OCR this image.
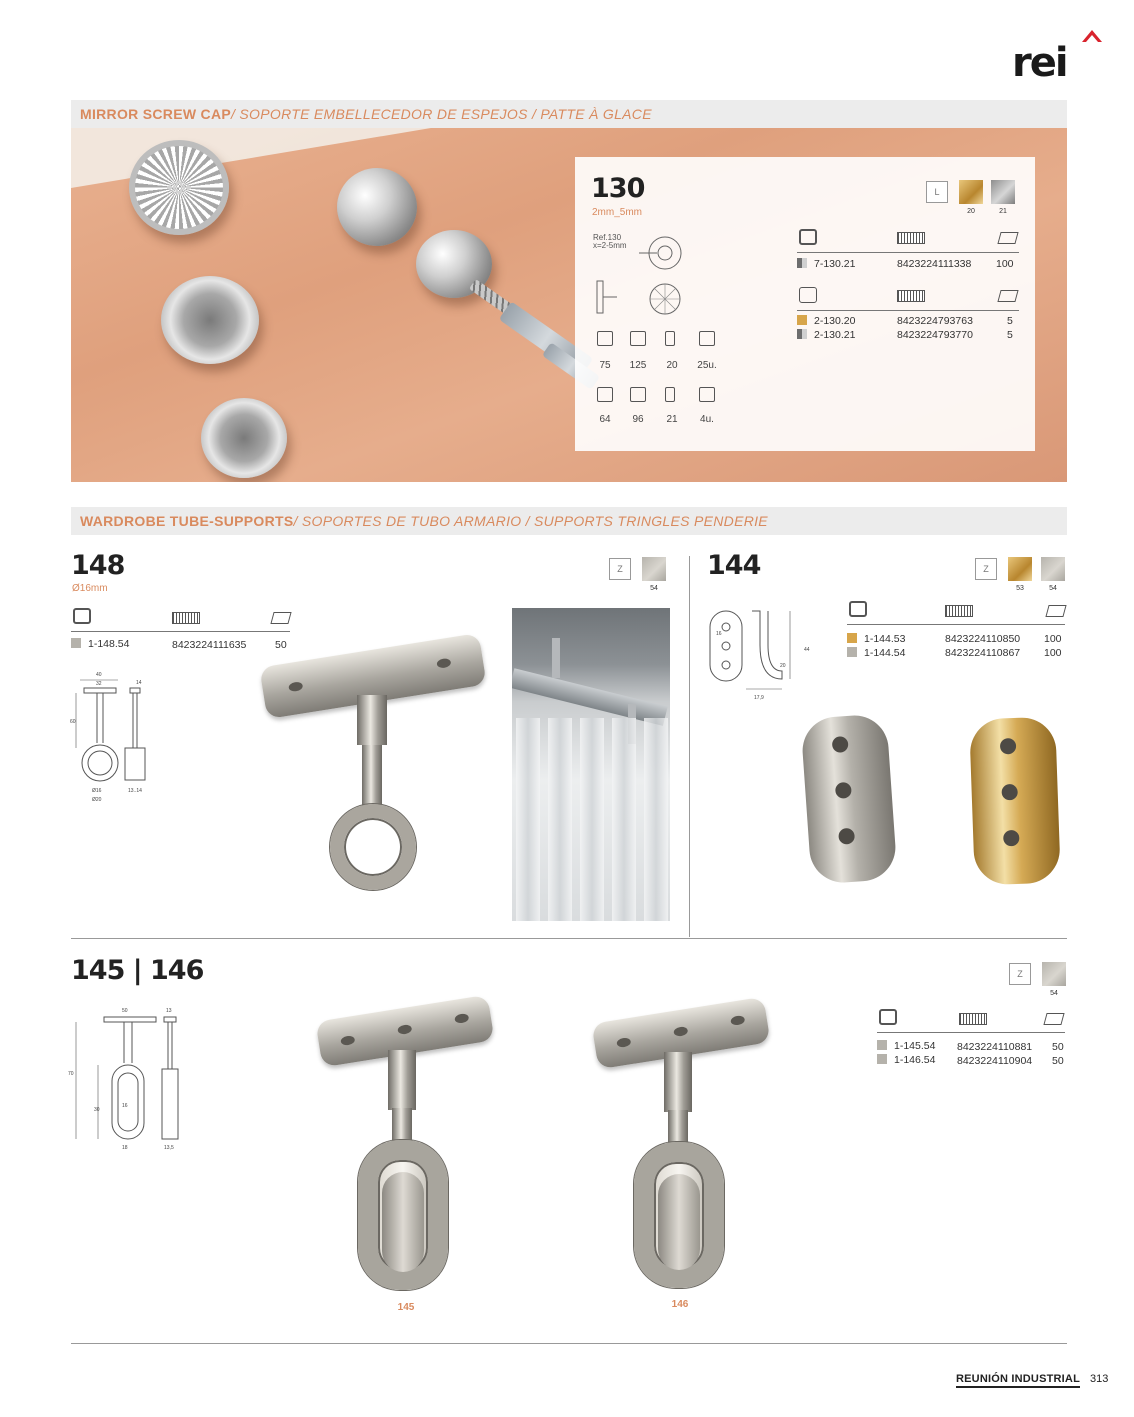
rei
MIRROR SCREW CAP / SOPORTE EMBELLECEDOR DE ESPEJOS / PATTE À GLACE
130
2mm_5mm
Ref.130
x=2-5mm
75	125	20	25u.
64	96	21	4u.
L
20	21
7-130.21	8423224111338 100
2-130.20	8423224793763	5
2-130.21	8423224793770	5
WARDROBE TUBE-SUPPORTS / SOPORTES DE TUBO ARMARIO / SUPPORTS TRINGLES PENDERIE
148
Ø16mm
Z
54
1-148.54	8423224111635	50
40
32	14
60
Ø16
Ø20
13..14
144	Z
53	54
16
44
20
17,9
1-144.53	8423224110850 100
1-144.54	8423224110867 100
145 | 146	Z
54
50	13
70
30
16
18	13,5
145	146
1-145.54 8423224110881 50
1-146.54 8423224110904 50
REUNIÓN INDUSTRIAL 313
